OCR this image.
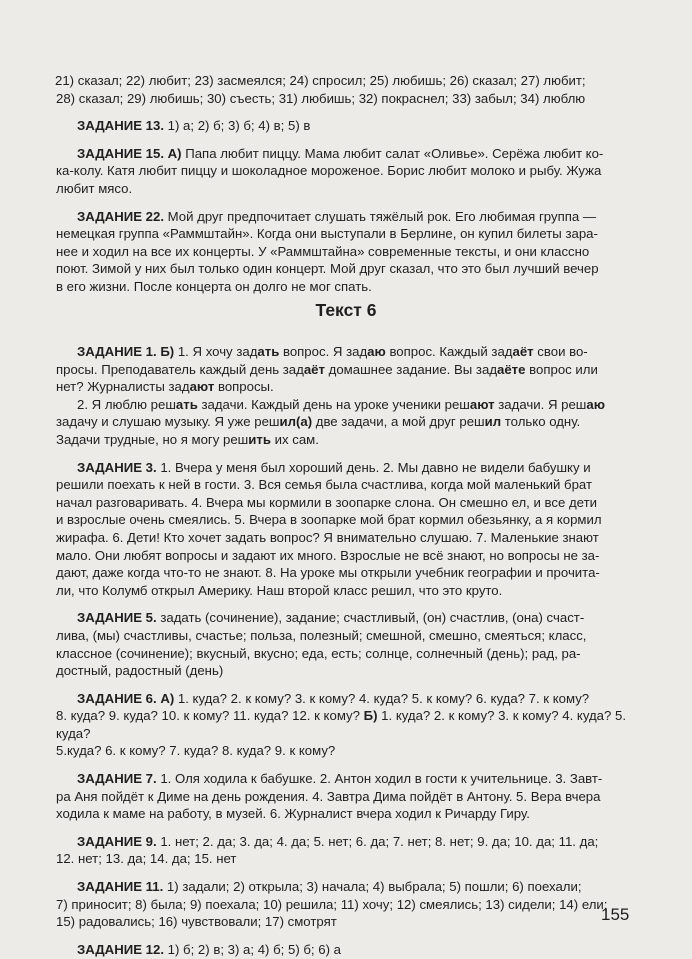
21) сказал; 22) любит; 23) засмеялся; 24) спросил; 25) любишь; 26) сказал; 27) любит;
28) сказал; 29) любишь; 30) съесть; 31) любишь; 32) покраснел; 33) забыл; 34) люблю

ЗАДАНИЕ 13. 1) а; 2) б; 3) б; 4) в; 5) в

ЗАДАНИЕ 15. А) Папа любит пиццу. Мама любит салат «Оливье». Серёжа любит ко-
ка-колу. Катя любит пиццу и шоколадное мороженое. Борис любит молоко и рыбу. Жужа
любит мясо.

ЗАДАНИЕ 22. Мой друг предпочитает слушать тяжёлый рок. Его любимая группа —
немецкая группа «Раммштайн». Когда они выступали в Берлине, он купил билеты зара-
нее и ходил на все их концерты. У «Раммштайна» современные тексты, и они классно
поют. Зимой у них был только один концерт. Мой друг сказал, что это был лучший вечер
в его жизни. После концерта он долго не мог спать.

Текст 6

ЗАДАНИЕ 1. Б) 1. Я хочу задать вопрос. Я задаю вопрос. Каждый задаёт свои во-
просы. Преподаватель каждый день задаёт домашнее задание. Вы задаёте вопрос или
нет? Журналисты задают вопросы.
2. Я люблю решать задачи. Каждый день на уроке ученики решают задачи. Я решаю
задачу и слушаю музыку. Я уже решил(а) две задачи, а мой друг решил только одну.
Задачи трудные, но я могу решить их сам.

ЗАДАНИЕ 3. 1. Вчера у меня был хороший день. 2. Мы давно не видели бабушку и
решили поехать к ней в гости. 3. Вся семья была счастлива, когда мой маленький брат
начал разговаривать. 4. Вчера мы кормили в зоопарке слона. Он смешно ел, и все дети
и взрослые очень смеялись. 5. Вчера в зоопарке мой брат кормил обезьянку, а я кормил
жирафа. 6. Дети! Кто хочет задать вопрос? Я внимательно слушаю. 7. Маленькие знают
мало. Они любят вопросы и задают их много. Взрослые не всё знают, но вопросы не за-
дают, даже когда что-то не знают. 8. На уроке мы открыли учебник географии и прочита-
ли, что Колумб открыл Америку. Наш второй класс решил, что это круто.

ЗАДАНИЕ 5. задать (сочинение), задание; счастливый, (он) счастлив, (она) счаст-
лива, (мы) счастливы, счастье; польза, полезный; смешной, смешно, смеяться; класс,
классное (сочинение); вкусный, вкусно; еда, есть; солнце, солнечный (день); рад, ра-
достный, радостный (день)

ЗАДАНИЕ 6. А) 1. куда? 2. к кому? 3. к кому? 4. куда? 5. к кому? 6. куда? 7. к кому?
8. куда? 9. куда? 10. к кому? 11. куда? 12. к кому? Б) 1. куда? 2. к кому? 3. к кому? 4. куда? 5. куда?
5.куда? 6. к кому? 7. куда? 8. куда? 9. к кому?

ЗАДАНИЕ 7. 1. Оля ходила к бабушке. 2. Антон ходил в гости к учительнице. 3. Завт-
ра Аня пойдёт к Диме на день рождения. 4. Завтра Дима пойдёт в Антону. 5. Вера вчера
ходила к маме на работу, в музей. 6. Журналист вчера ходил к Ричарду Гиру.

ЗАДАНИЕ 9. 1. нет; 2. да; 3. да; 4. да; 5. нет; 6. да; 7. нет; 8. нет; 9. да; 10. да; 11. да;
12. нет; 13. да; 14. да; 15. нет

ЗАДАНИЕ 11. 1) задали; 2) открыла; 3) начала; 4) выбрала; 5) пошли; 6) поехали;
7) приносит; 8) была; 9) поехала; 10) решила; 11) хочу; 12) смеялись; 13) сидели; 14) ели;
15) радовались; 16) чувствовали; 17) смотрят

ЗАДАНИЕ 12. 1) б; 2) в; 3) а; 4) б; 5) б; 6) а

155
